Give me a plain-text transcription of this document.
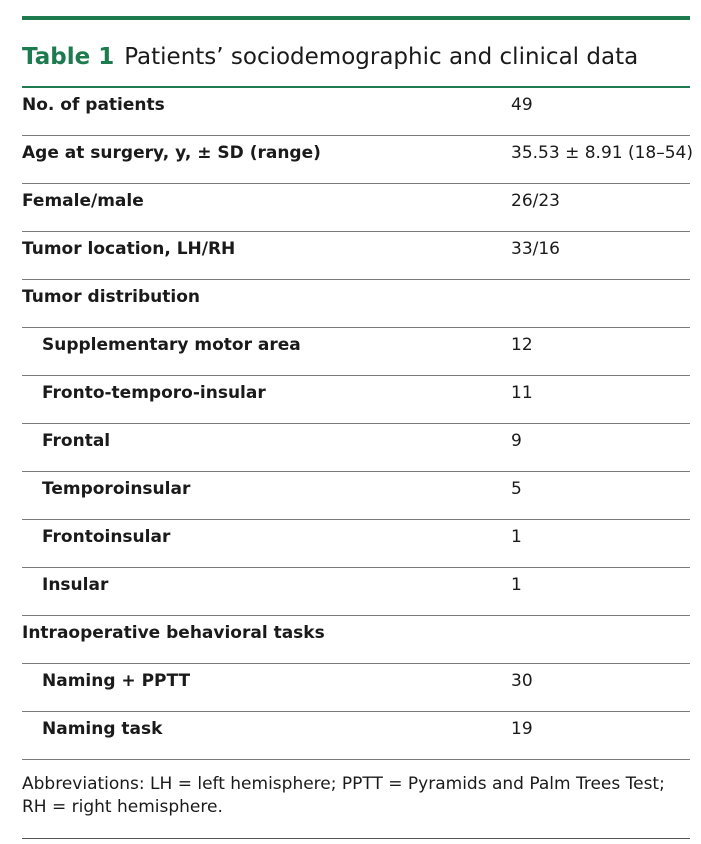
Table 1 Patients’ sociodemographic and clinical data
No. of patients	49
Age at surgery, y, ± SD (range)	35.53 ± 8.91 (18–54)
Female/male	26/23
Tumor location, LH/RH	33/16
Tumor distribution
Supplementary motor area	12
Fronto-temporo-insular	11
Frontal	9
Temporoinsular	5
Frontoinsular	1
Insular	1
Intraoperative behavioral tasks
Naming + PPTT	30
Naming task	19
Abbreviations: LH = left hemisphere; PPTT = Pyramids and Palm Trees Test; RH = right hemisphere.
